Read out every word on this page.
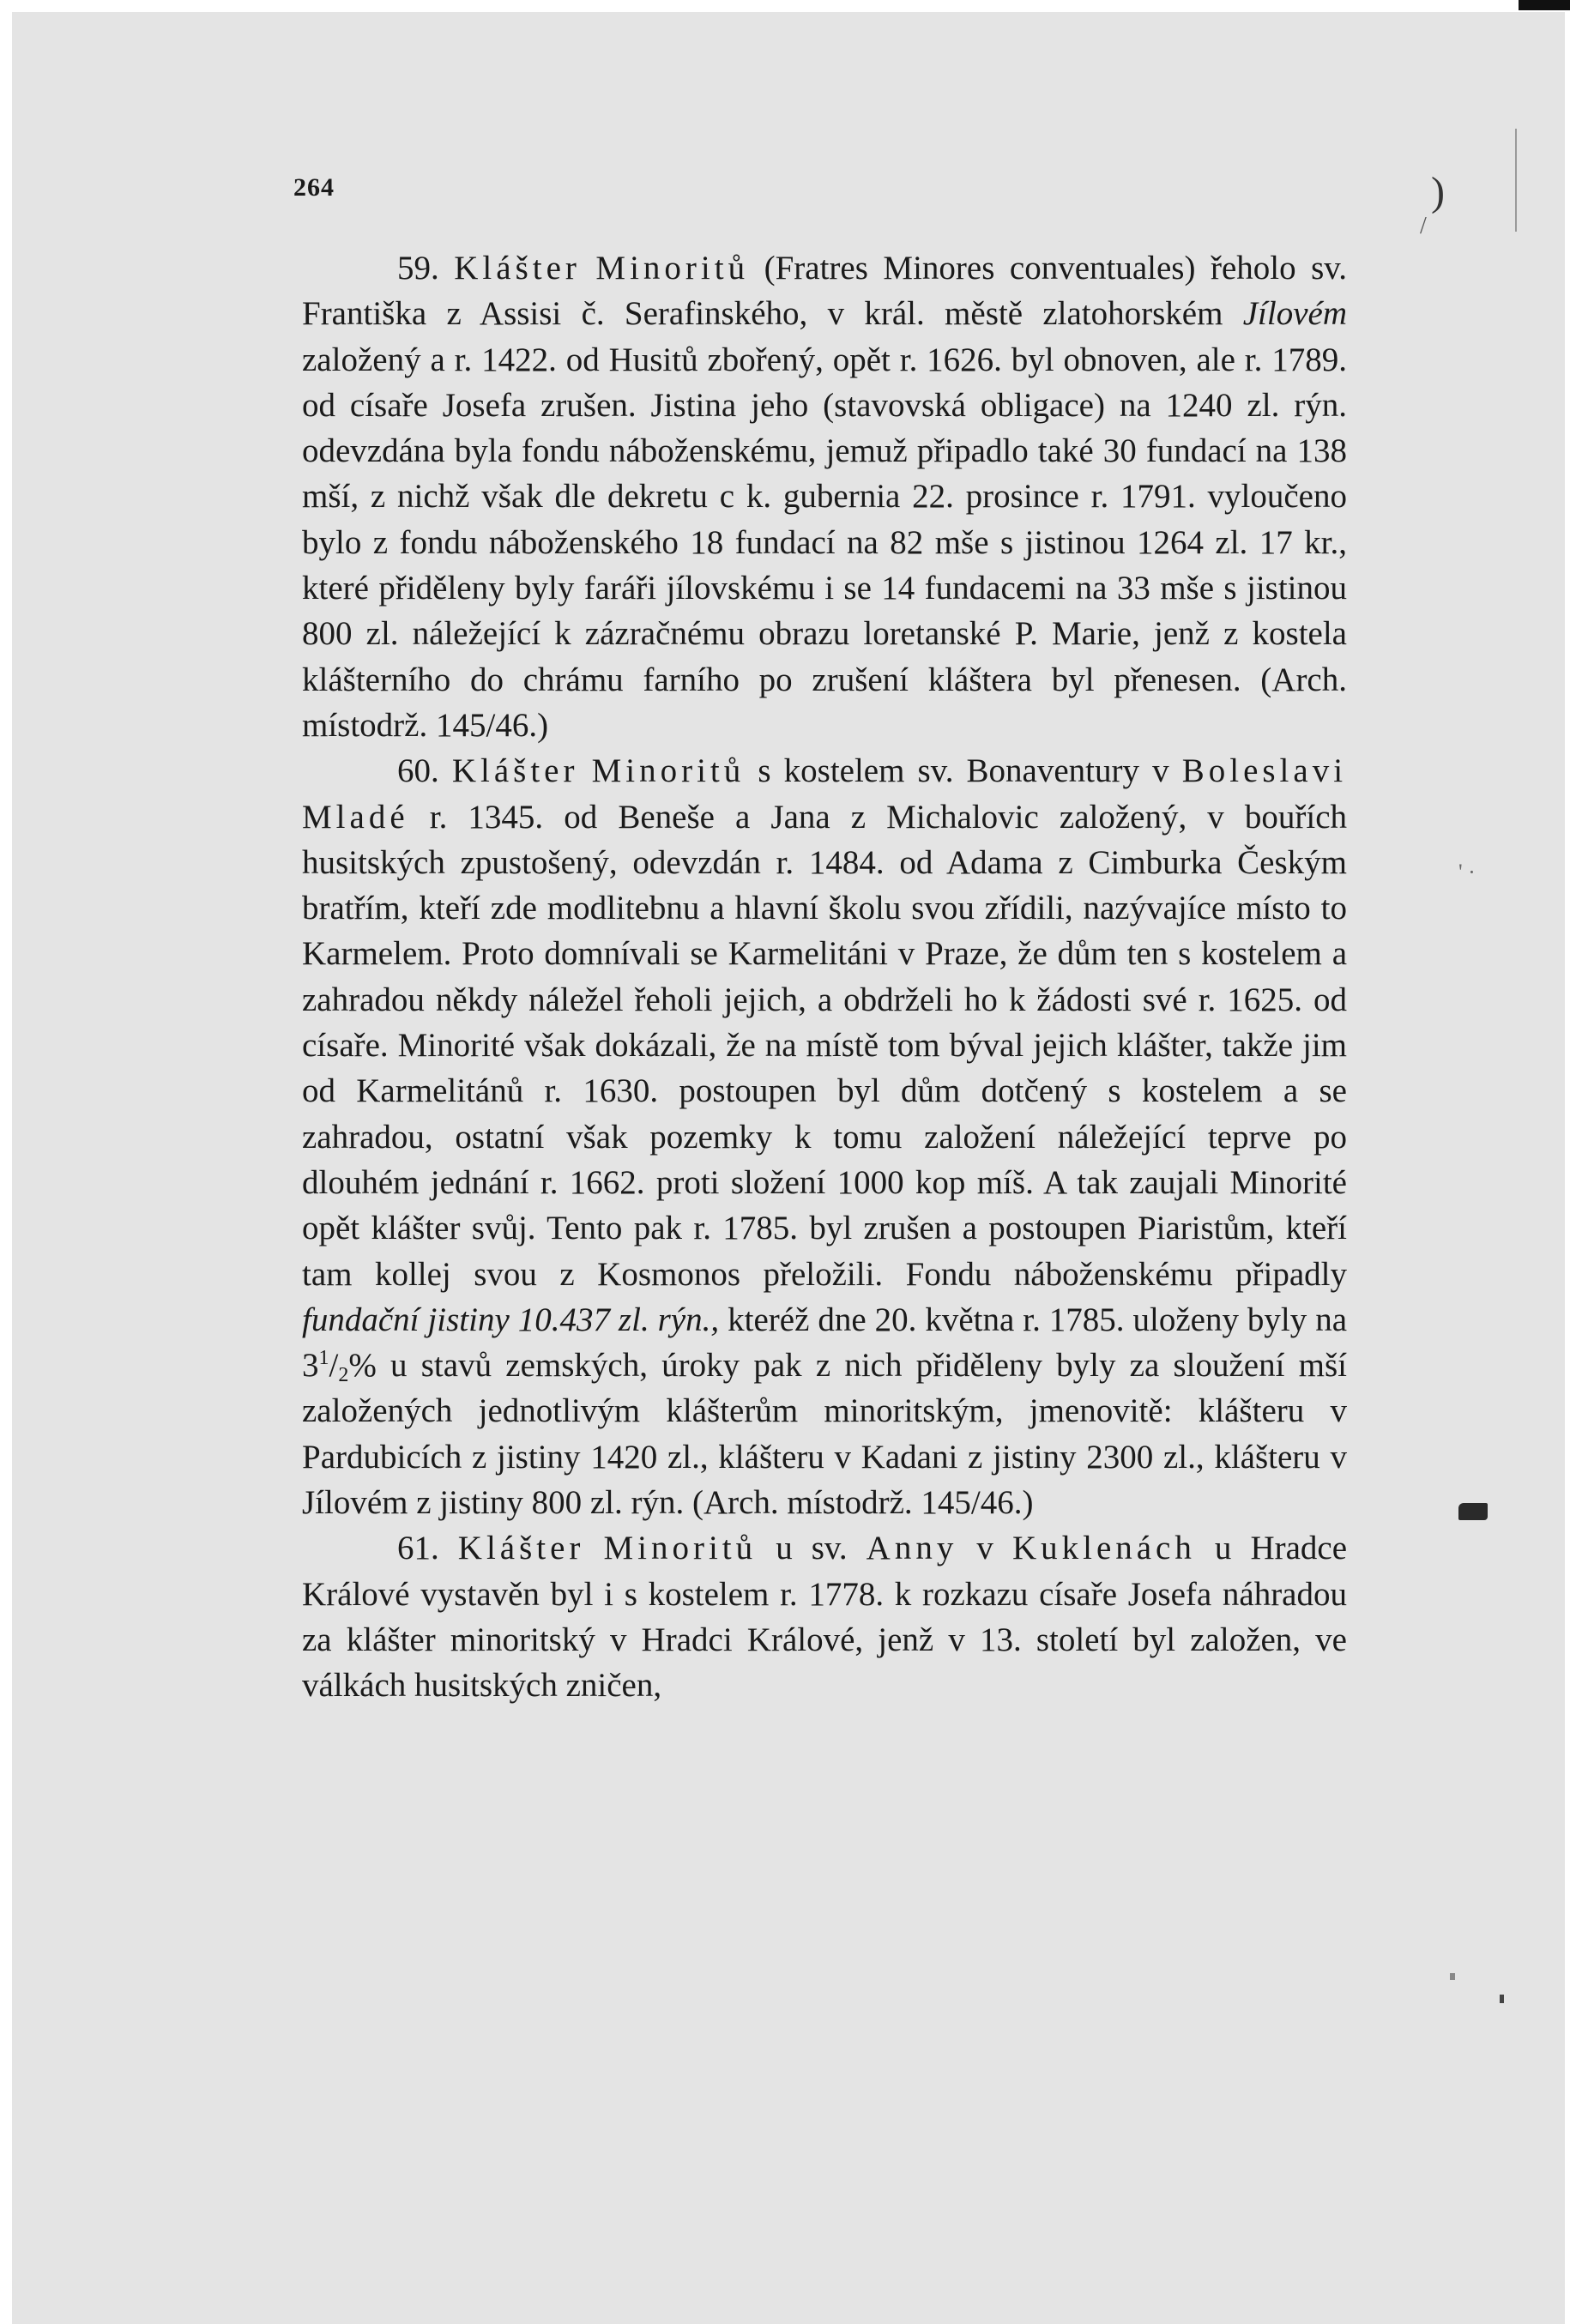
264	)
/
' ·

59. Klášter Minoritů (Fratres Minores conventuales) řeholo sv. Františka z Assisi č. Serafinského, v král. městě zlatohorském Jílovém založený a r. 1422. od Husitů zbořený, opět r. 1626. byl obnoven, ale r. 1789. od císaře Josefa zrušen. Jistina jeho (stavovská obligace) na 1240 zl. rýn. odevzdána byla fondu náboženskému, jemuž připadlo také 30 fundací na 138 mší, z nichž však dle dekretu c k. gubernia 22. prosince r. 1791. vyloučeno bylo z fondu náboženského 18 fundací na 82 mše s jistinou 1264 zl. 17 kr., které přiděleny byly faráři jílovskému i se 14 fundacemi na 33 mše s jistinou 800 zl. náležející k zázračnému obrazu loretanské P. Marie, jenž z kostela klášterního do chrámu farního po zrušení kláštera byl přenesen. (Arch. místodrž. 145/46.)

60. Klášter Minoritů s kostelem sv. Bonaventury v Boleslavi Mladé r. 1345. od Beneše a Jana z Michalovic založený, v bouřích husitských zpustošený, odevzdán r. 1484. od Adama z Cimburka Českým bratřím, kteří zde modlitebnu a hlavní školu svou zřídili, nazývajíce místo to Karmelem. Proto domnívali se Karmelitáni v Praze, že dům ten s kostelem a zahradou někdy náležel řeholi jejich, a obdrželi ho k žádosti své r. 1625. od císaře. Minorité však dokázali, že na místě tom býval jejich klášter, takže jim od Karmelitánů r. 1630. postoupen byl dům dotčený s kostelem a se zahradou, ostatní však pozemky k tomu založení náležející teprve po dlouhém jednání r. 1662. proti složení 1000 kop míš. A tak zaujali Minorité opět klášter svůj. Tento pak r. 1785. byl zrušen a postoupen Piaristům, kteří tam kollej svou z Kosmonos přeložili. Fondu náboženskému připadly fundační jistiny 10.437 zl. rýn., kteréž dne 20. května r. 1785. uloženy byly na $3^1/_2\%$ u stavů zemských, úroky pak z nich přiděleny byly za sloužení mší založených jednotlivým klášterům minoritským, jmenovitě: klášteru v Pardubicích z jistiny 1420 zl., klášteru v Kadani z jistiny 2300 zl., klášteru v Jílovém z jistiny 800 zl. rýn. (Arch. místodrž. 145/46.)

61. Klášter Minoritů u sv. Anny v Kuklenách u Hradce Králové vystavěn byl i s kostelem r. 1778. k rozkazu císaře Josefa náhradou za klášter minoritský v Hradci Králové, jenž v 13. století byl založen, ve válkách husitských zničen,
